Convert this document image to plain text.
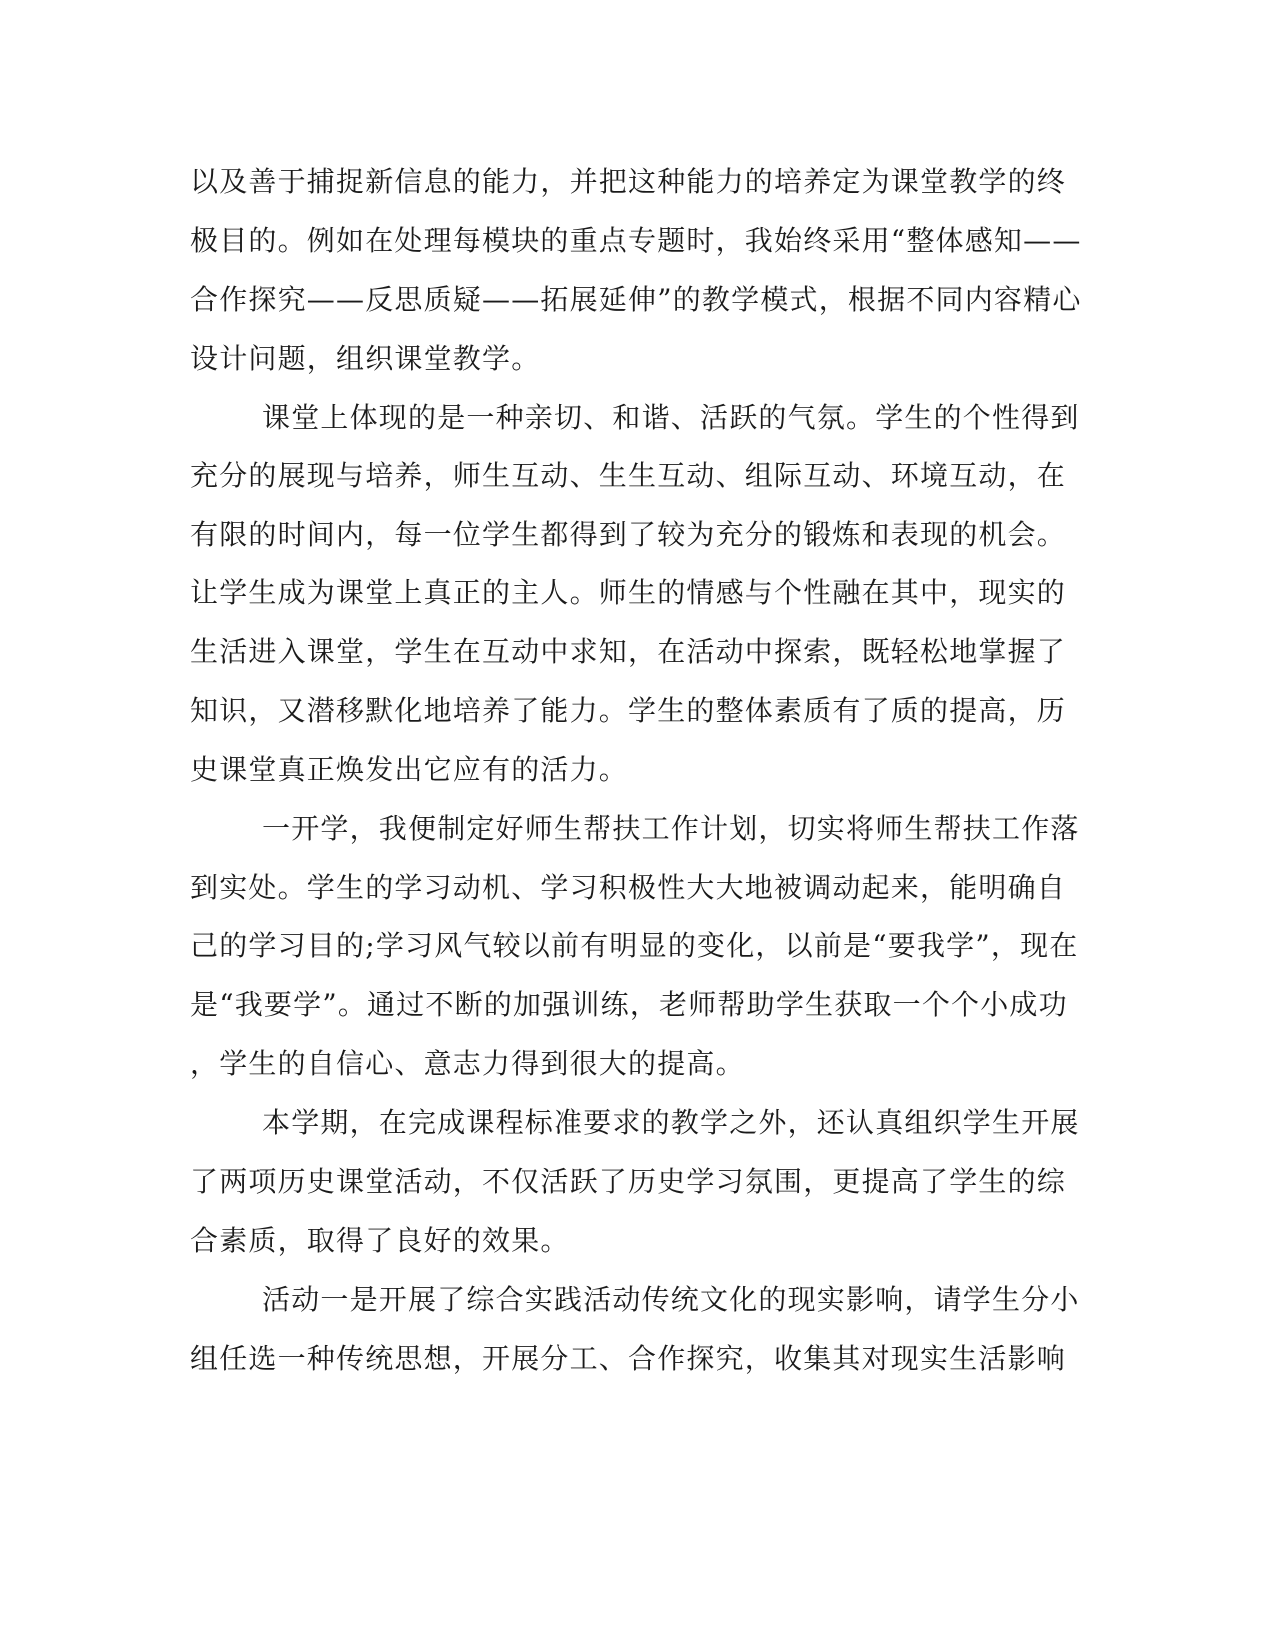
以及善于捕捉新信息的能力，并把这种能力的培养定为课堂教学的终
极目的。例如在处理每模块的重点专题时，我始终采用“整体感知——
合作探究——反思质疑——拓展延伸”的教学模式，根据不同内容精心
设计问题，组织课堂教学。
课堂上体现的是一种亲切、和谐、活跃的气氛。学生的个性得到
充分的展现与培养，师生互动、生生互动、组际互动、环境互动，在
有限的时间内，每一位学生都得到了较为充分的锻炼和表现的机会。
让学生成为课堂上真正的主人。师生的情感与个性融在其中，现实的
生活进入课堂，学生在互动中求知，在活动中探索，既轻松地掌握了
知识，又潜移默化地培养了能力。学生的整体素质有了质的提高，历
史课堂真正焕发出它应有的活力。
一开学，我便制定好师生帮扶工作计划，切实将师生帮扶工作落
到实处。学生的学习动机、学习积极性大大地被调动起来，能明确自
己的学习目的;学习风气较以前有明显的变化，以前是“要我学”，现在
是“我要学”。通过不断的加强训练，老师帮助学生获取一个个小成功
，学生的自信心、意志力得到很大的提高。
本学期，在完成课程标准要求的教学之外，还认真组织学生开展
了两项历史课堂活动，不仅活跃了历史学习氛围，更提高了学生的综
合素质，取得了良好的效果。
活动一是开展了综合实践活动传统文化的现实影响，请学生分小
组任选一种传统思想，开展分工、合作探究，收集其对现实生活影响
